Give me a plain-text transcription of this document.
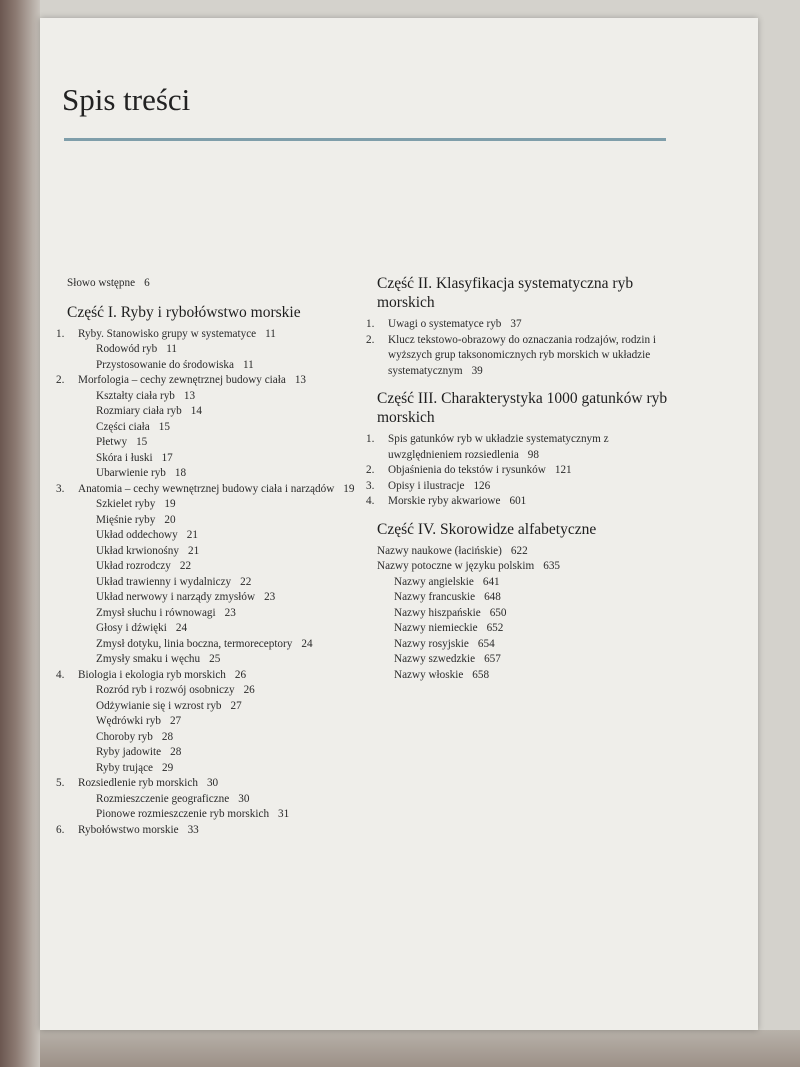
Spis treści
Słowo wstępne 6
Część I. Ryby i rybołówstwo morskie
1. Ryby. Stanowisko grupy w systematyce 11
Rodowód ryb 11
Przystosowanie do środowiska 11
2. Morfologia – cechy zewnętrznej budowy ciała 13
Kształty ciała ryb 13
Rozmiary ciała ryb 14
Części ciała 15
Płetwy 15
Skóra i łuski 17
Ubarwienie ryb 18
3. Anatomia – cechy wewnętrznej budowy ciała i narządów 19
Szkielet ryby 19
Mięśnie ryby 20
Układ oddechowy 21
Układ krwionośny 21
Układ rozrodczy 22
Układ trawienny i wydalniczy 22
Układ nerwowy i narządy zmysłów 23
Zmysł słuchu i równowagi 23
Głosy i dźwięki 24
Zmysł dotyku, linia boczna, termoreceptory 24
Zmysły smaku i węchu 25
4. Biologia i ekologia ryb morskich 26
Rozród ryb i rozwój osobniczy 26
Odżywianie się i wzrost ryb 27
Wędrówki ryb 27
Choroby ryb 28
Ryby jadowite 28
Ryby trujące 29
5. Rozsiedlenie ryb morskich 30
Rozmieszczenie geograficzne 30
Pionowe rozmieszczenie ryb morskich 31
6. Rybołówstwo morskie 33
Część II. Klasyfikacja systematyczna ryb morskich
1. Uwagi o systematyce ryb 37
2. Klucz tekstowo-obrazowy do oznaczania rodzajów, rodzin i wyższych grup taksonomicznych ryb morskich w układzie systematycznym 39
Część III. Charakterystyka 1000 gatunków ryb morskich
1. Spis gatunków ryb w układzie systematycznym z uwzględnieniem rozsiedlenia 98
2. Objaśnienia do tekstów i rysunków 121
3. Opisy i ilustracje 126
4. Morskie ryby akwariowe 601
Część IV. Skorowidze alfabetyczne
Nazwy naukowe (łacińskie) 622
Nazwy potoczne w języku polskim 635
Nazwy angielskie 641
Nazwy francuskie 648
Nazwy hiszpańskie 650
Nazwy niemieckie 652
Nazwy rosyjskie 654
Nazwy szwedzkie 657
Nazwy włoskie 658
